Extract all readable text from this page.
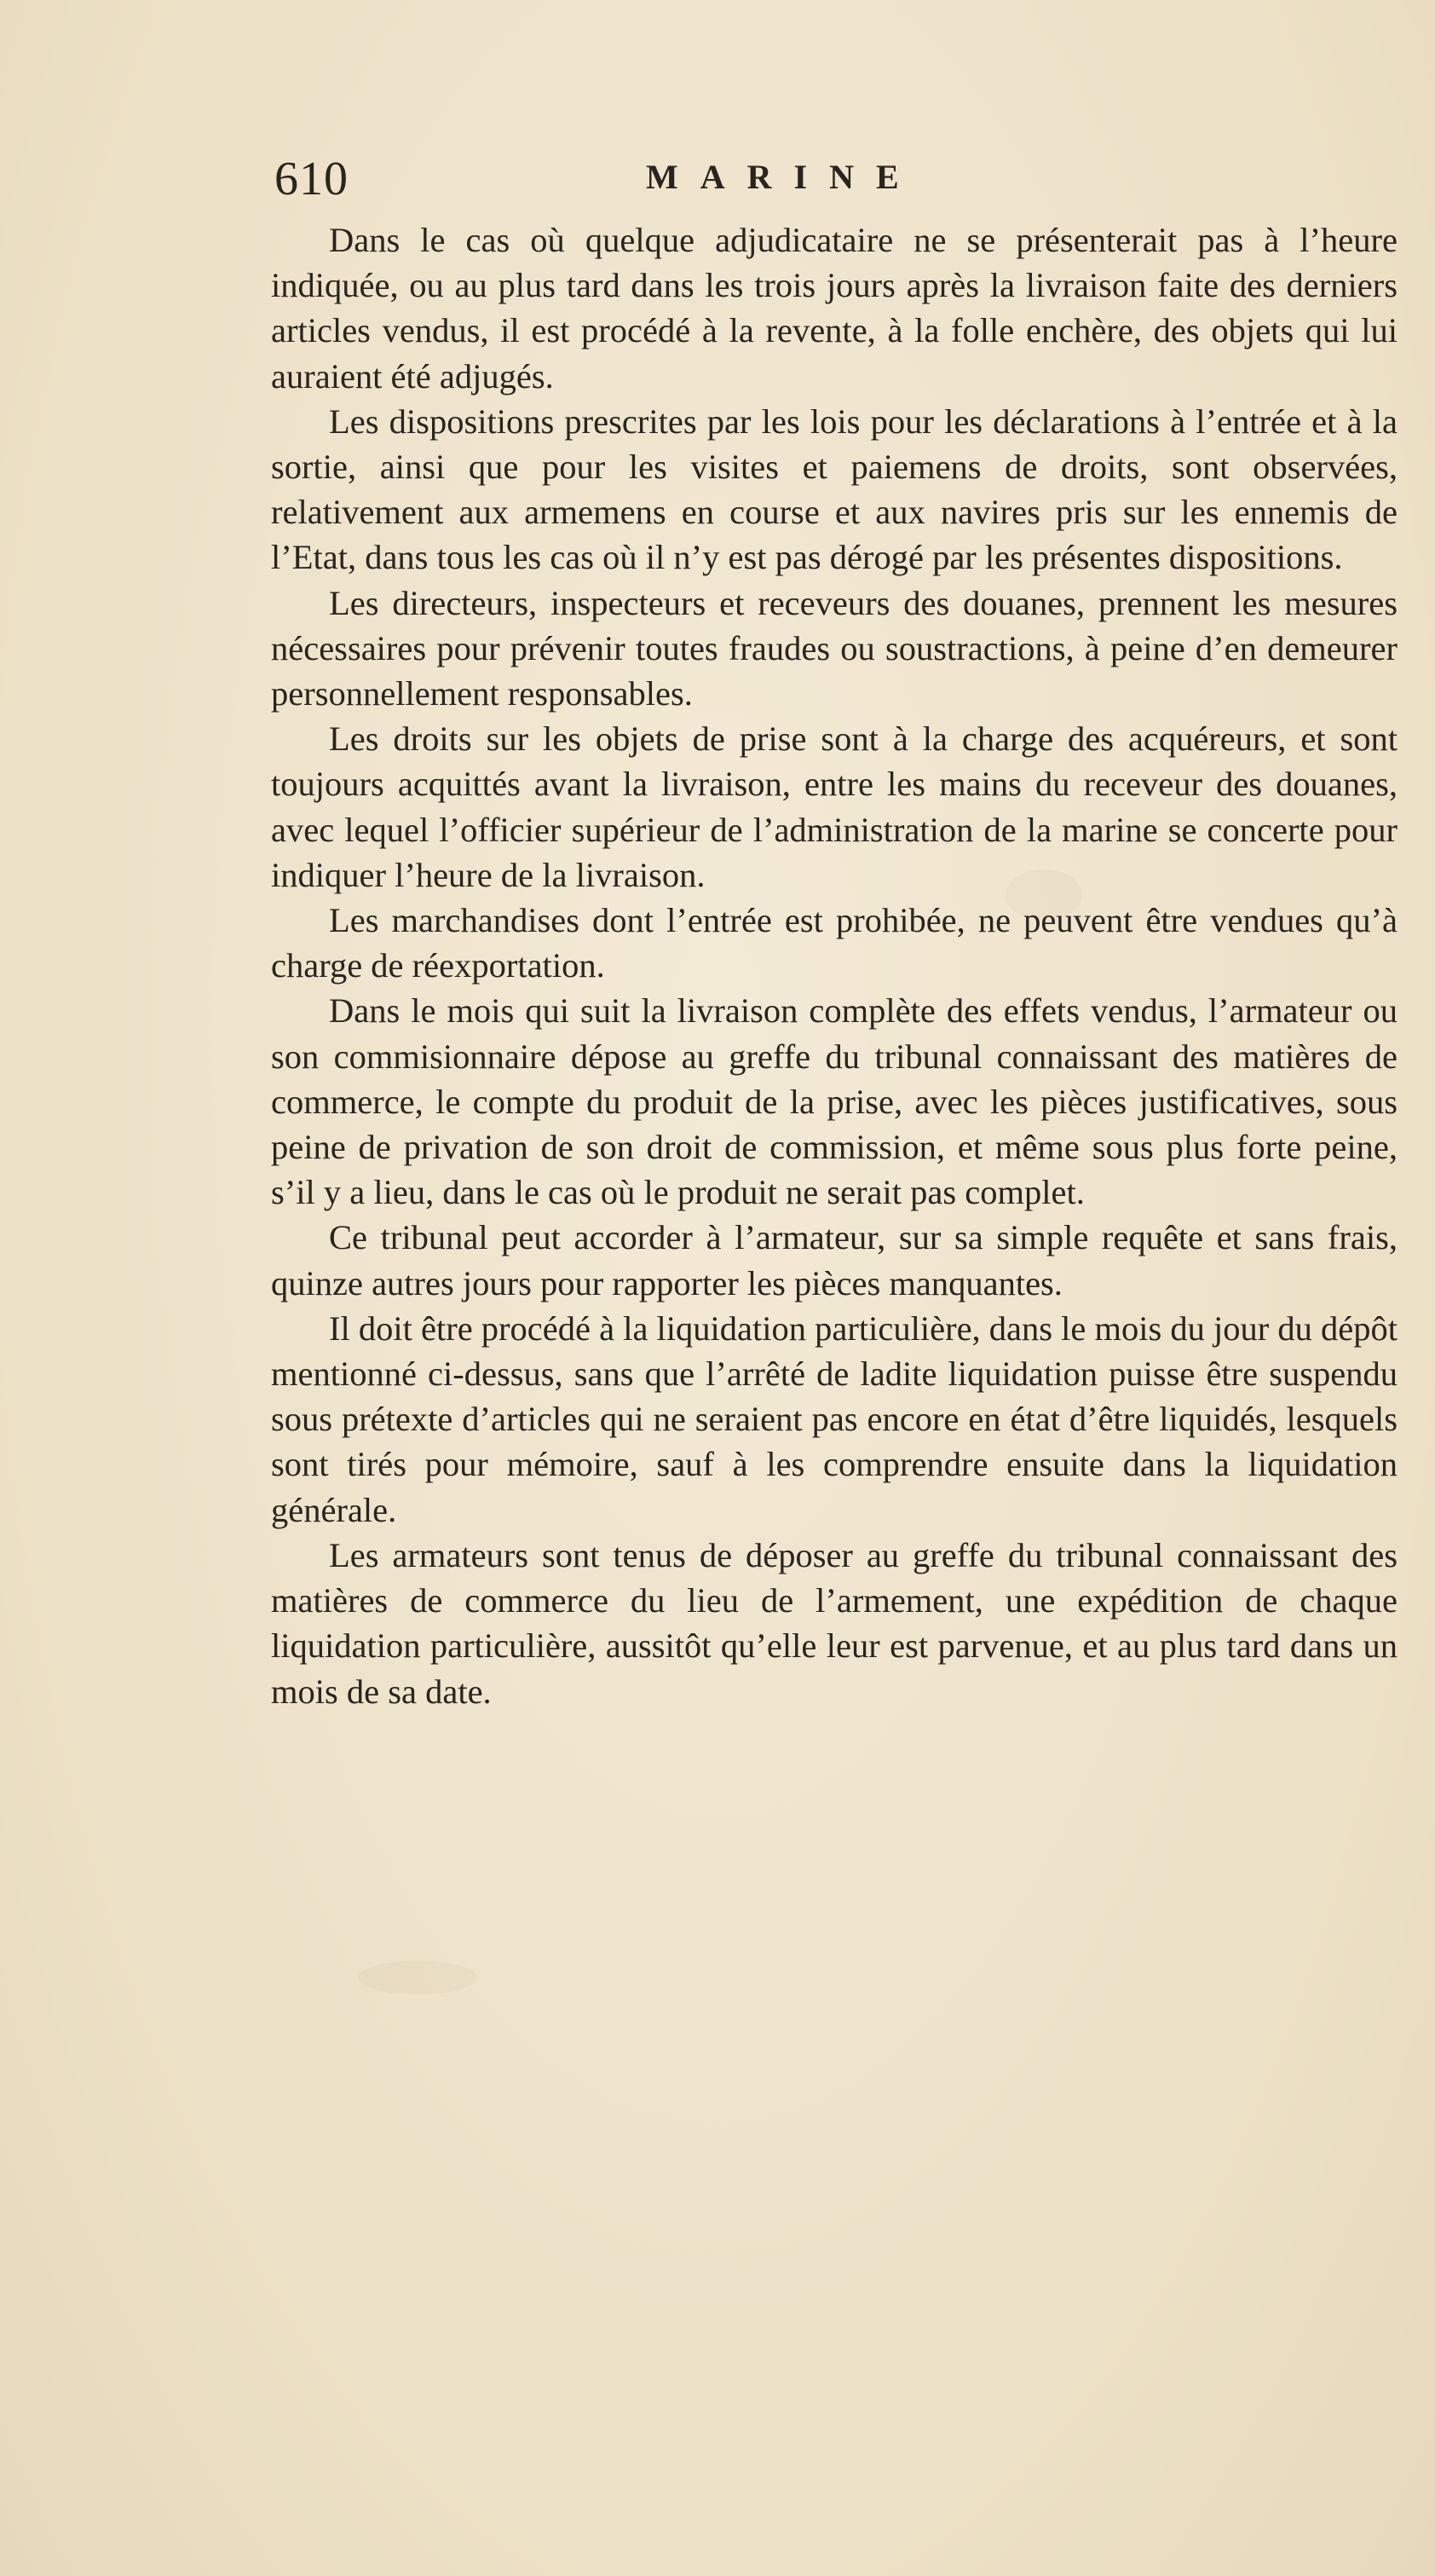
610	MARINE

Dans le cas où quelque adjudicataire ne se présenterait pas à l’heure indiquée, ou au plus tard dans les trois jours après la livraison faite des derniers articles vendus, il est procédé à la revente, à la folle enchère, des objets qui lui auraient été adjugés.

Les dispositions prescrites par les lois pour les déclarations à l’entrée et à la sortie, ainsi que pour les visites et paiemens de droits, sont observées, relativement aux armemens en course et aux navires pris sur les ennemis de l’Etat, dans tous les cas où il n’y est pas dérogé par les présentes dispositions.

Les directeurs, inspecteurs et receveurs des douanes, prennent les mesures nécessaires pour prévenir toutes fraudes ou soustractions, à peine d’en demeurer personnellement responsables.

Les droits sur les objets de prise sont à la charge des acquéreurs, et sont toujours acquittés avant la livraison, entre les mains du receveur des douanes, avec lequel l’officier supérieur de l’administration de la marine se concerte pour indiquer l’heure de la livraison.

Les marchandises dont l’entrée est prohibée, ne peuvent être vendues qu’à charge de réexportation.

Dans le mois qui suit la livraison complète des effets vendus, l’armateur ou son commisionnaire dépose au greffe du tribunal connaissant des matières de commerce, le compte du produit de la prise, avec les pièces justificatives, sous peine de privation de son droit de commission, et même sous plus forte peine, s’il y a lieu, dans le cas où le produit ne serait pas complet.

Ce tribunal peut accorder à l’armateur, sur sa simple requête et sans frais, quinze autres jours pour rapporter les pièces manquantes.

Il doit être procédé à la liquidation particulière, dans le mois du jour du dépôt mentionné ci-dessus, sans que l’arrêté de ladite liquidation puisse être suspendu sous prétexte d’articles qui ne seraient pas encore en état d’être liquidés, lesquels sont tirés pour mémoire, sauf à les comprendre ensuite dans la liquidation générale.

Les armateurs sont tenus de déposer au greffe du tribunal connaissant des matières de commerce du lieu de l’armement, une expédition de chaque liquidation particulière, aussitôt qu’elle leur est parvenue, et au plus tard dans un mois de sa date.
